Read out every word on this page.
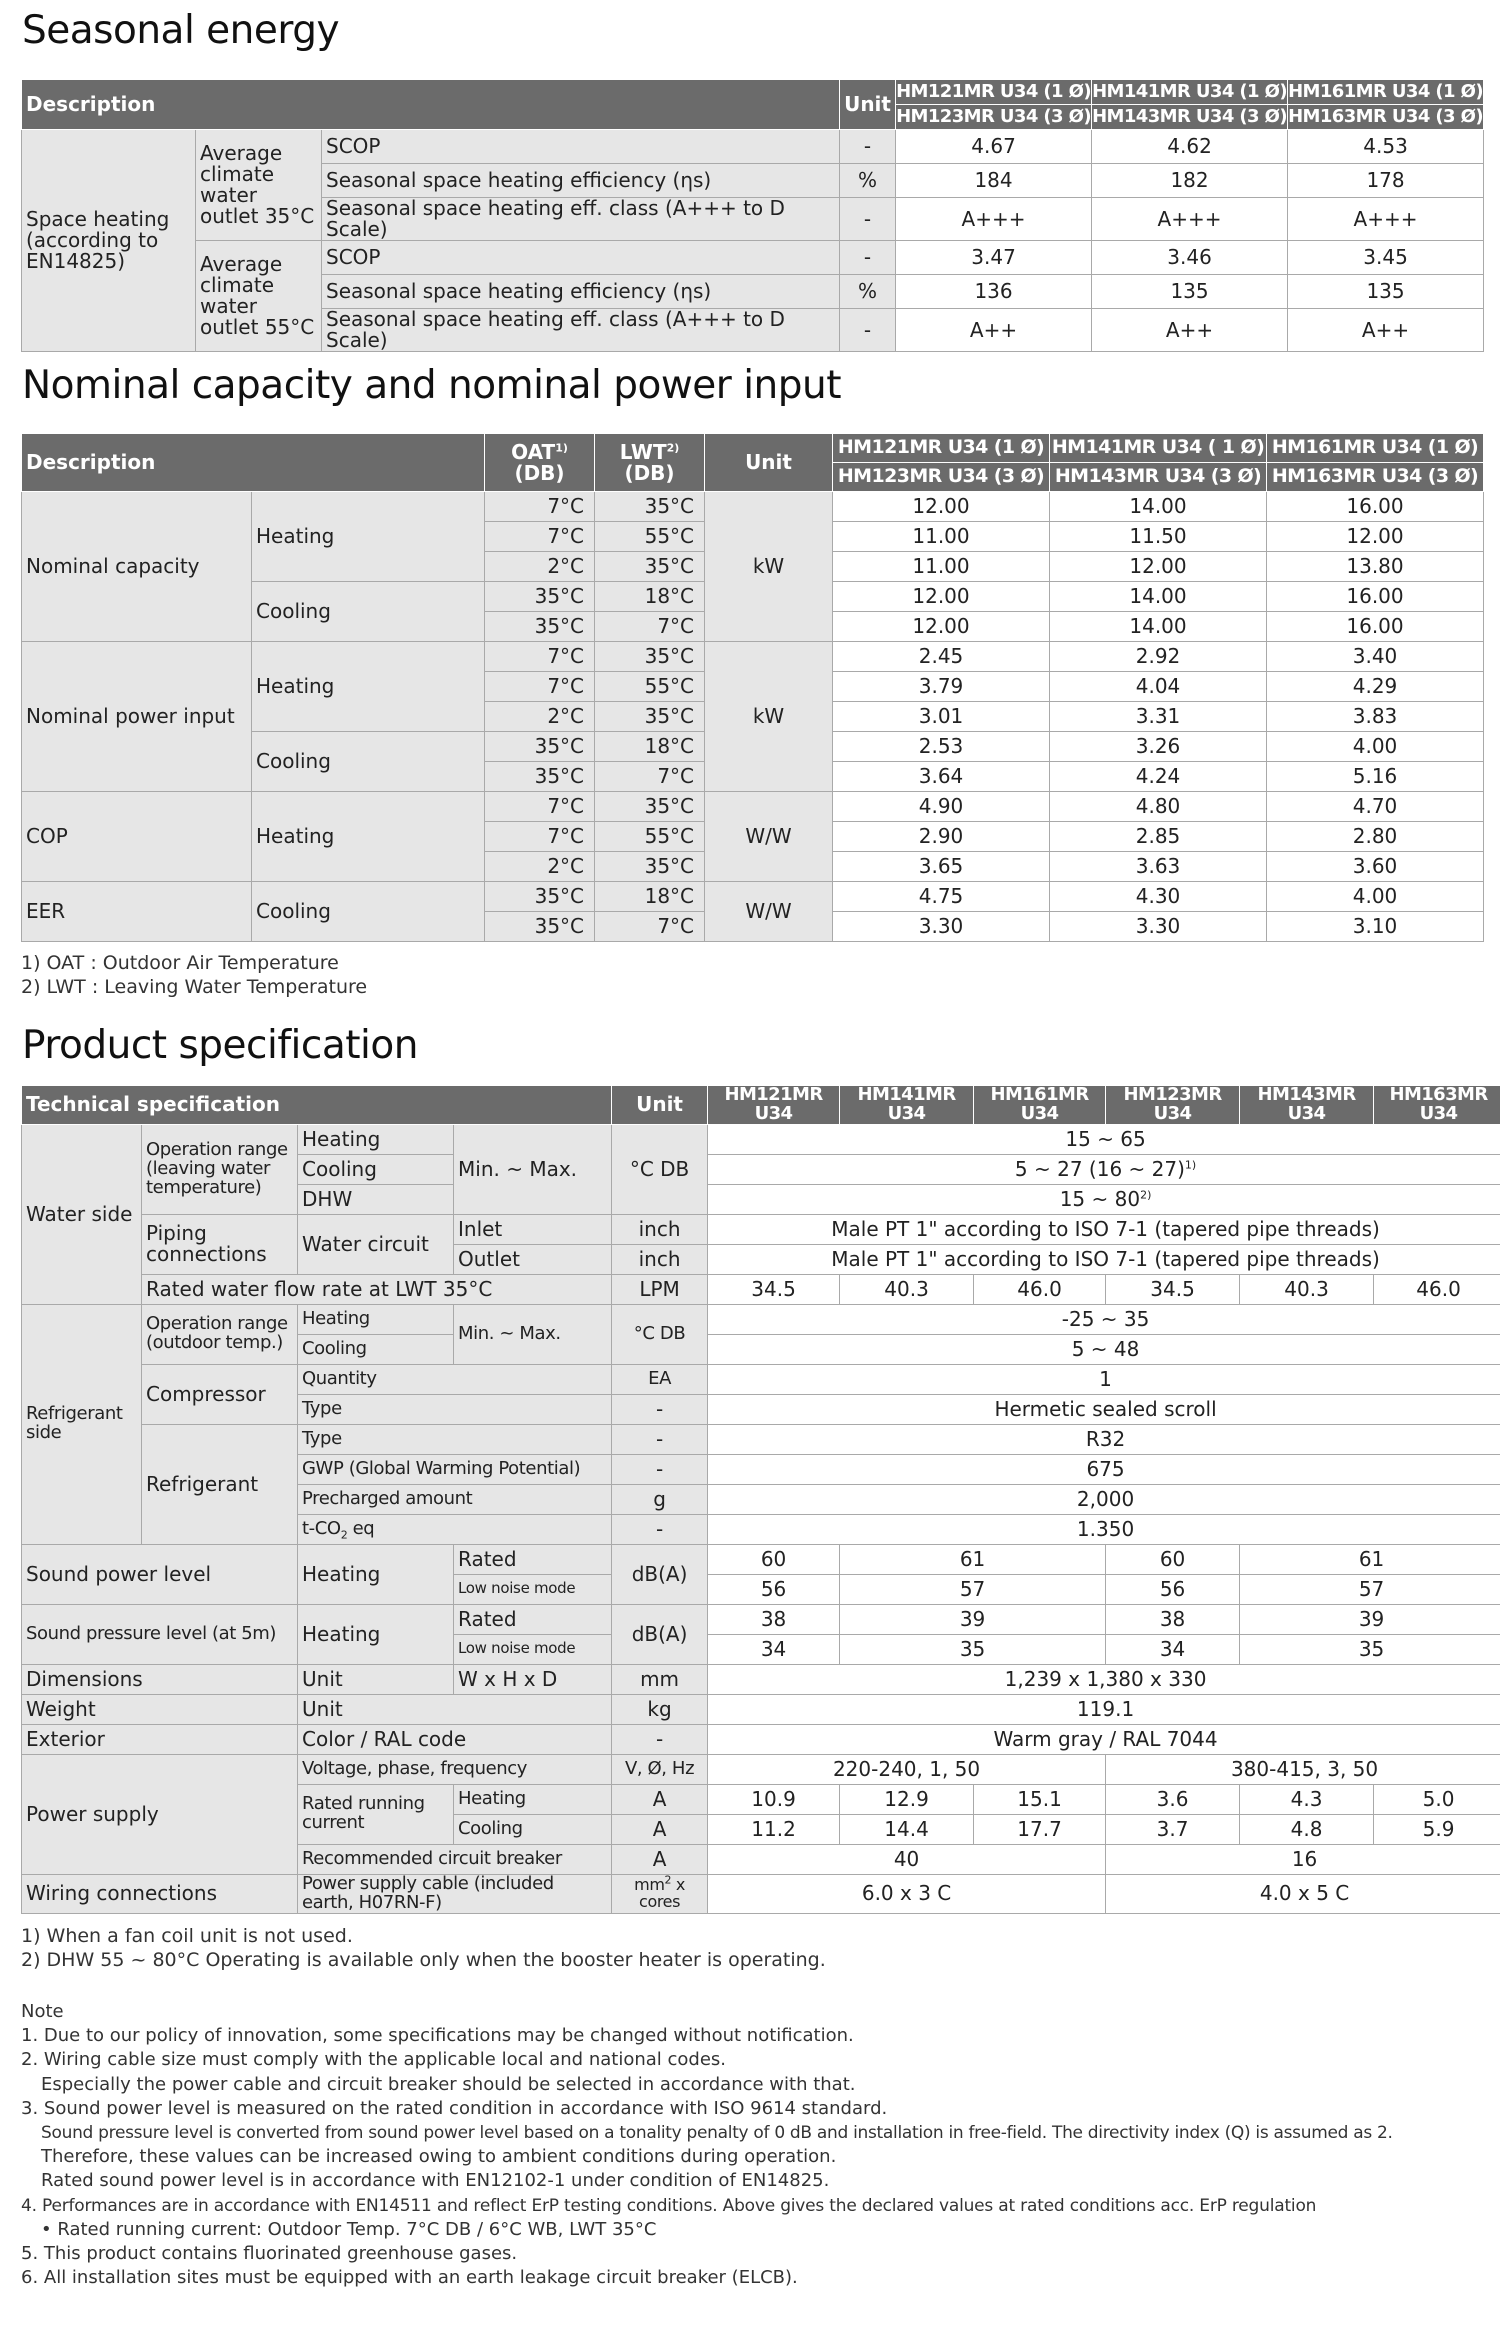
Seasonal energy
Description			Unit	HM121MR U34 (1 Ø)	HM141MR U34 (1 Ø)	HM161MR U34 (1 Ø)
				HM123MR U34 (3 Ø)	HM143MR U34 (3 Ø)	HM163MR U34 (3 Ø)
Space heating (according to EN14825)	Average climate water outlet 35°C	SCOP	-	4.67	4.62	4.53
		Seasonal space heating efficiency (ηs)	%	184	182	178
		Seasonal space heating eff. class (A+++ to D Scale)	-	A+++	A+++	A+++
	Average climate water outlet 55°C	SCOP	-	3.47	3.46	3.45
		Seasonal space heating efficiency (ηs)	%	136	135	135
		Seasonal space heating eff. class (A+++ to D Scale)	-	A++	A++	A++
Nominal capacity and nominal power input
Description		OAT$^{1)}$ (DB)	LWT$^{2)}$ (DB)	Unit	HM121MR U34 (1 Ø)	HM141MR U34 ( 1 Ø)	HM161MR U34 (1 Ø)
					HM123MR U34 (3 Ø)	HM143MR U34 (3 Ø)	HM163MR U34 (3 Ø)
Nominal capacity	Heating	7°C	35°C	kW	12.00	14.00	16.00
		7°C	55°C		11.00	11.50	12.00
		2°C	35°C		11.00	12.00	13.80
	Cooling	35°C	18°C		12.00	14.00	16.00
		35°C	7°C		12.00	14.00	16.00
Nominal power input	Heating	7°C	35°C	kW	2.45	2.92	3.40
		7°C	55°C		3.79	4.04	4.29
		2°C	35°C		3.01	3.31	3.83
	Cooling	35°C	18°C		2.53	3.26	4.00
		35°C	7°C		3.64	4.24	5.16
COP	Heating	7°C	35°C	W/W	4.90	4.80	4.70
		7°C	55°C		2.90	2.85	2.80
		2°C	35°C		3.65	3.63	3.60
EER	Cooling	35°C	18°C	W/W	4.75	4.30	4.00
		35°C	7°C		3.30	3.30	3.10
1) OAT : Outdoor Air Temperature
2) LWT : Leaving Water Temperature
Product specification
Technical specification				Unit	HM121MR U34	HM141MR U34	HM161MR U34	HM123MR U34	HM143MR U34	HM163MR U34
Water side	Operation range (leaving water temperature)	Heating	Min. ~ Max.	°C DB	15 ~ 65					
		Cooling			5 ~ 27 (16 ~ 27)$^{1)}$
		DHW			15 ~ 80$^{2)}$
	Piping connections	Water circuit	Inlet	inch	Male PT 1" according to ISO 7-1 (tapered pipe threads)					
			Outlet	inch	Male PT 1" according to ISO 7-1 (tapered pipe threads)					
	Rated water flow rate at LWT 35°C			LPM	34.5	40.3	46.0	34.5	40.3	46.0
Refrigerant side	Operation range (outdoor temp.)	Heating	Min. ~ Max.	°C DB	-25 ~ 35					
		Cooling			5 ~ 48					
	Compressor	Quantity		EA	1					
		Type		-	Hermetic sealed scroll					
	Refrigerant	Type		-	R32					
		GWP (Global Warming Potential)		-	675					
		Precharged amount		g	2,000					
		$t-CO_2$ eq		-	1.350					
Sound power level		Heating	Rated	dB(A)	60	61		60	61	
			Low noise mode		56	57		56	57	
Sound pressure level (at 5m)		Heating	Rated	dB(A)	38	39		38	39	
			Low noise mode		34	35		34	35	
Dimensions		Unit	W x H x D	mm	1,239 x 1,380 x 330					
Weight		Unit		kg	119.1					
Exterior		Color / RAL code		-	Warm gray / RAL 7044					
Power supply		Voltage, phase, frequency		V, Ø, Hz	220-240, 1, 50			380-415, 3, 50		
		Rated running current	Heating	A	10.9	12.9	15.1	3.6	4.3	5.0
			Cooling	A	11.2	14.4	17.7	3.7	4.8	5.9
		Recommended circuit breaker		A	40			16		
Wiring connections		Power supply cable (included earth, H07RN-F)		$mm^2$ x cores	6.0 x 3 C			4.0 x 5 C		
1) When a fan coil unit is not used.
2) DHW 55 ~ 80°C Operating is available only when the booster heater is operating.
Note
1. Due to our policy of innovation, some specifications may be changed without notification.
2. Wiring cable size must comply with the applicable local and national codes.
Especially the power cable and circuit breaker should be selected in accordance with that.
3. Sound power level is measured on the rated condition in accordance with ISO 9614 standard.
Sound pressure level is converted from sound power level based on a tonality penalty of 0 dB and installation in free-field. The directivity index (Q) is assumed as 2.
Therefore, these values can be increased owing to ambient conditions during operation.
Rated sound power level is in accordance with EN12102-1 under condition of EN14825.
4. Performances are in accordance with EN14511 and reflect ErP testing conditions. Above gives the declared values at rated conditions acc. ErP regulation
• Rated running current: Outdoor Temp. 7°C DB / 6°C WB, LWT 35°C
5. This product contains fluorinated greenhouse gases.
6. All installation sites must be equipped with an earth leakage circuit breaker (ELCB).
